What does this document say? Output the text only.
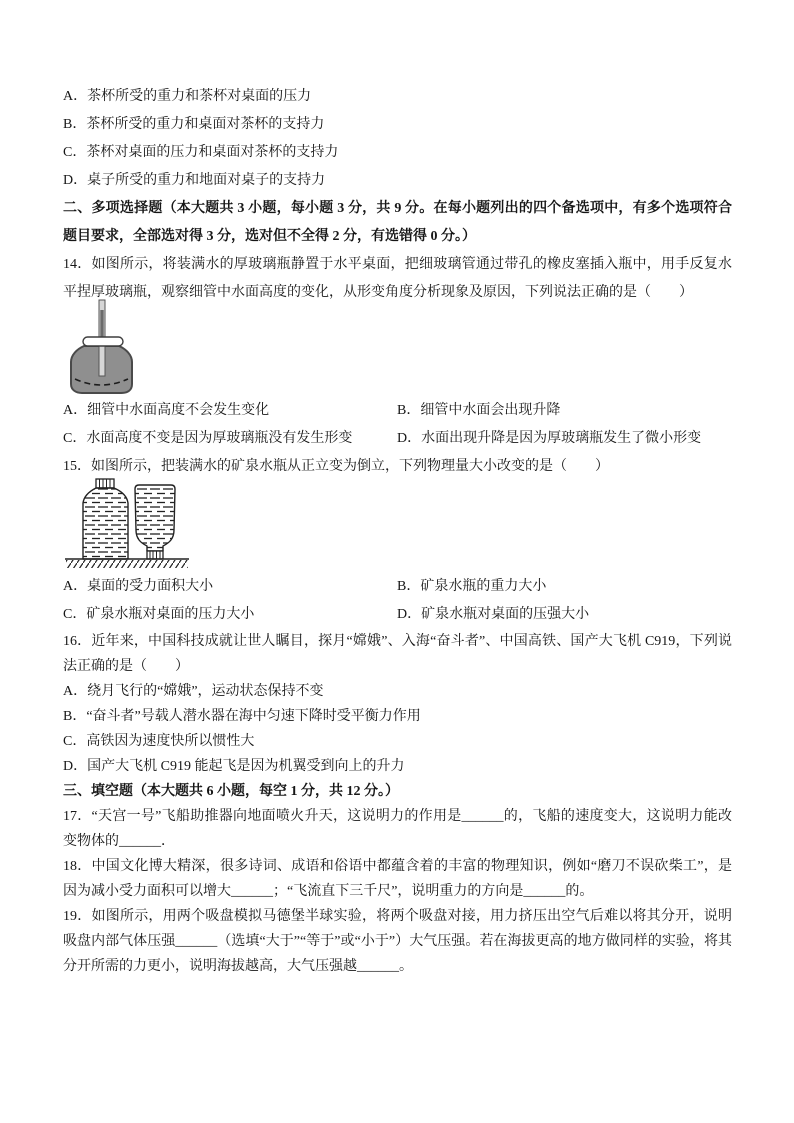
A．茶杯所受的重力和茶杯对桌面的压力
B．茶杯所受的重力和桌面对茶杯的支持力
C．茶杯对桌面的压力和桌面对茶杯的支持力
D．桌子所受的重力和地面对桌子的支持力
二、多项选择题（本大题共 3 小题，每小题 3 分，共 9 分。在每小题列出的四个备选项中，有多个选项符合题目要求，全部选对得 3 分，选对但不全得 2 分，有选错得 0 分。）
14．如图所示，将装满水的厚玻璃瓶静置于水平桌面，把细玻璃管通过带孔的橡皮塞插入瓶中，用手反复水平捏厚玻璃瓶，观察细管中水面高度的变化，从形变角度分析现象及原因，下列说法正确的是（　　）
A．细管中水面高度不会发生变化	B．细管中水面会出现升降
C．水面高度不变是因为厚玻璃瓶没有发生形变	D．水面出现升降是因为厚玻璃瓶发生了微小形变
15．如图所示，把装满水的矿泉水瓶从正立变为倒立，下列物理量大小改变的是（　　）
A．桌面的受力面积大小	B．矿泉水瓶的重力大小
C．矿泉水瓶对桌面的压力大小	D．矿泉水瓶对桌面的压强大小
16．近年来，中国科技成就让世人瞩目，探月“嫦娥”、入海“奋斗者”、中国高铁、国产大飞机 C919，下列说法正确的是（　　）
A．绕月飞行的“嫦娥”，运动状态保持不变
B．“奋斗者”号载人潜水器在海中匀速下降时受平衡力作用
C．高铁因为速度快所以惯性大
D．国产大飞机 C919 能起飞是因为机翼受到向上的升力
三、填空题（本大题共 6 小题，每空 1 分，共 12 分。）
17．“天宫一号”飞船助推器向地面喷火升天，这说明力的作用是______的，飞船的速度变大，这说明力能改变物体的______．
18．中国文化博大精深，很多诗词、成语和俗语中都蕴含着的丰富的物理知识，例如“磨刀不误砍柴工”，是因为减小受力面积可以增大______；“飞流直下三千尺”，说明重力的方向是______的。
19．如图所示，用两个吸盘模拟马德堡半球实验，将两个吸盘对接，用力挤压出空气后难以将其分开，说明吸盘内部气体压强______（选填“大于”“等于”或“小于”）大气压强。若在海拔更高的地方做同样的实验，将其分开所需的力更小，说明海拔越高，大气压强越______。
